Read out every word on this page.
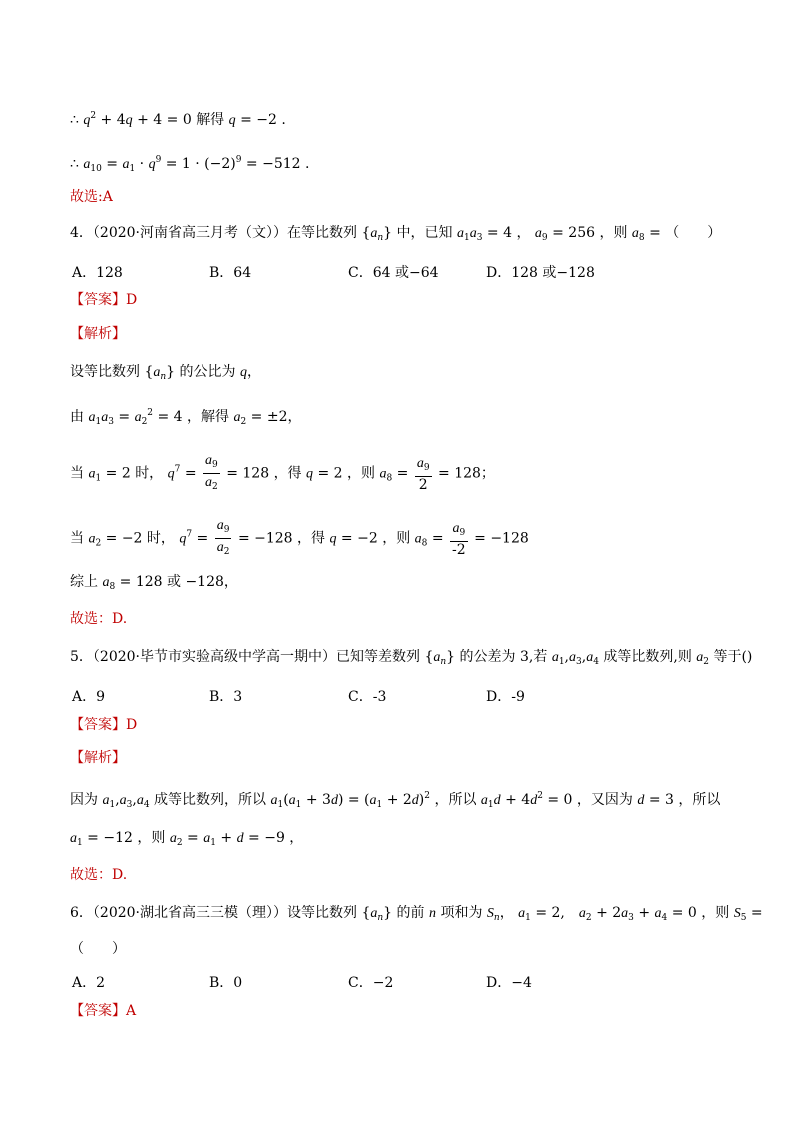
∴ $q^2 + 4q + 4 = 0$ 解得 q = −2 .
∴ $a_{10} = a_1 \cdot q^9 = 1 \cdot (-2)^9 = -512$ .
故选:A
4．（2020·河南省高三月考（文））在等比数列 $\{a_n\}$ 中，已知 $a_1a_3 = 4$ ， $a_9 = 256$ ，则 $a_8$ = （　　）
A．128	B．64	C．64 或−64	D．128 或−128
【答案】D
【解析】
设等比数列 $\{a_n\}$ 的公比为 q，
由 $a_1a_3 = a_2^2 = 4$ ，解得 $a_2 = \pm 2$，
当 $a_1 = 2$ 时， $q^7 = \frac{a_9}{a_2} = 128$ ，得 q = 2 ，则 $a_8 = \frac{a_9}{2} = 128$；
当 $a_2 = -2$ 时， $q^7 = \frac{a_9}{a_2} = -128$ ，得 q = −2 ，则 $a_8 = \frac{a_9}{-2} = -128$
综上 $a_8 = 128$ 或 −128，
故选：D.
5．（2020·毕节市实验高级中学高一期中）已知等差数列 $\{a_n\}$ 的公差为 3,若 $a_1,a_3,a_4$ 成等比数列,则 $a_2$ 等于()
A．9	B．3	C．-3	D．-9
【答案】D
【解析】
因为 $a_1,a_3,a_4$ 成等比数列，所以 $a_1(a_1 + 3d) = (a_1 + 2d)^2$ ，所以 $a_1d + 4d^2 = 0$ ，又因为 d = 3 ，所以
$a_1 = -12$ ，则 $a_2 = a_1 + d = -9$ ，
故选：D.
6．（2020·湖北省高三三模（理））设等比数列 $\{a_n\}$ 的前 n 项和为 $S_n$， $a_1 = 2$,　$a_2 + 2a_3 + a_4 = 0$ ，则 $S_5$ =
（　　）
A．2	B．0	C．−2	D．−4
【答案】A
